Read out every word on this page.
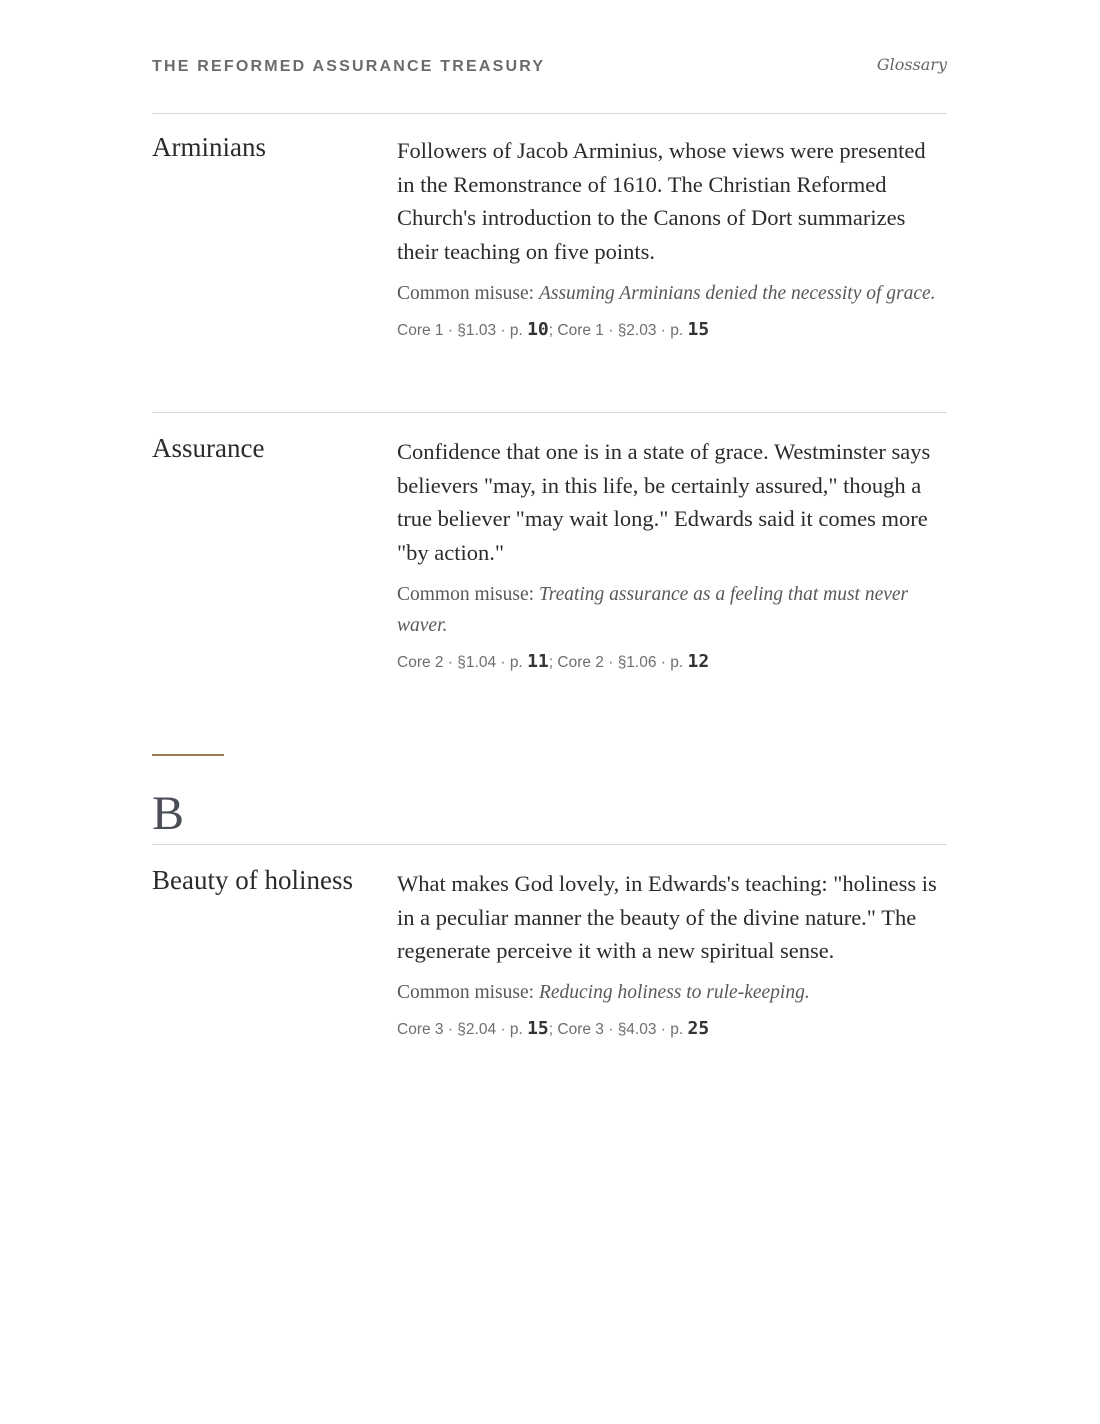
THE REFORMED ASSURANCE TREASURY	Glossary
Arminians	Followers of Jacob Arminius, whose views were presented in the Remonstrance of 1610. The Christian Reformed Church's introduction to the Canons of Dort summarizes their teaching on five points.

Common misuse: Assuming Arminians denied the necessity of grace.

Core 1 · §1.03 · p. 10; Core 1 · §2.03 · p. 15
Assurance	Confidence that one is in a state of grace. Westminster says believers "may, in this life, be certainly assured," though a true believer "may wait long." Edwards said it comes more "by action."

Common misuse: Treating assurance as a feeling that must never waver.

Core 2 · §1.04 · p. 11; Core 2 · §1.06 · p. 12
B
Beauty of holiness	What makes God lovely, in Edwards's teaching: "holiness is in a peculiar manner the beauty of the divine nature." The regenerate perceive it with a new spiritual sense.

Common misuse: Reducing holiness to rule-keeping.

Core 3 · §2.04 · p. 15; Core 3 · §4.03 · p. 25
